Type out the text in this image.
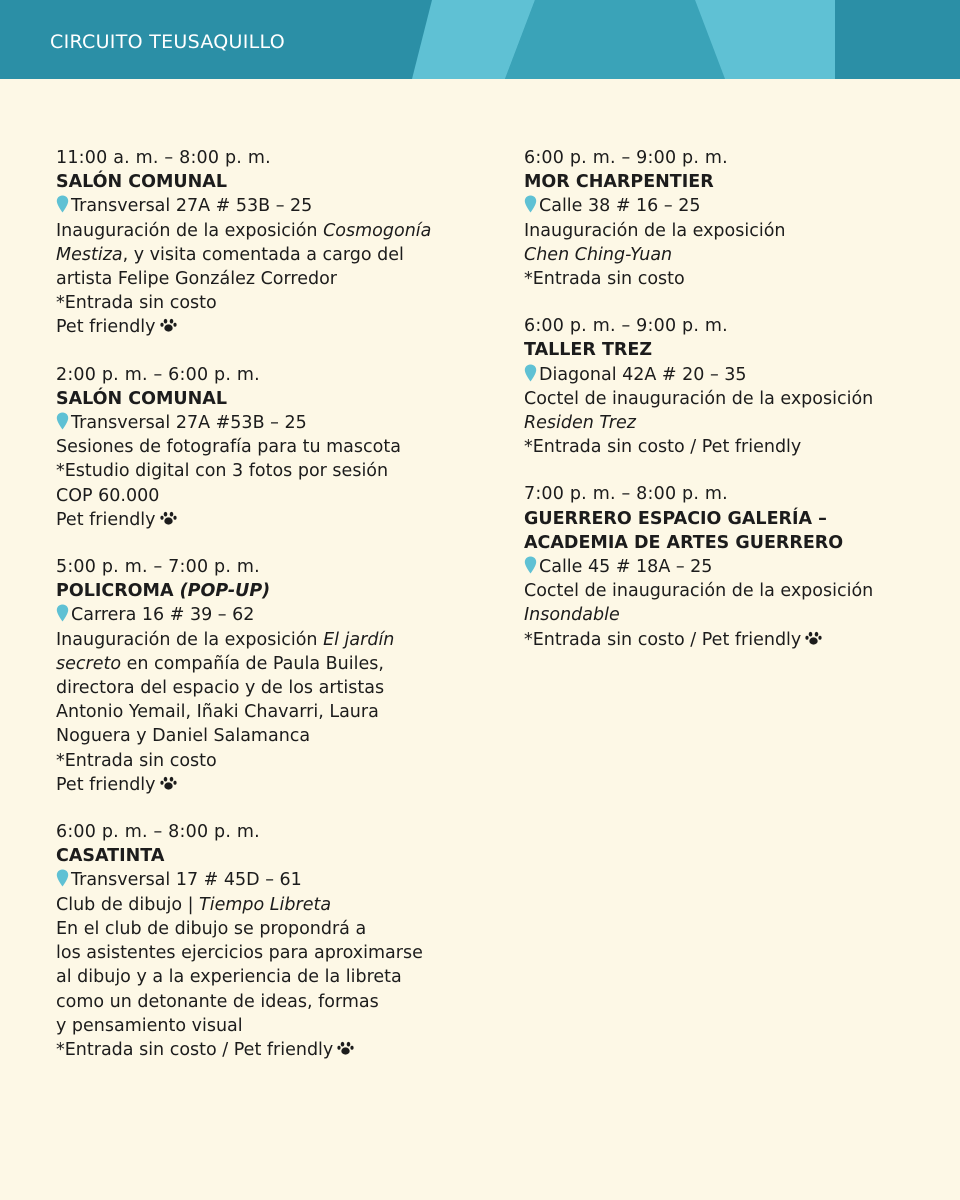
CIRCUITO TEUSAQUILLO
11:00 a. m. – 8:00 p. m.
SALÓN COMUNAL
Transversal 27A # 53B – 25
Inauguración de la exposición Cosmogonía
Mestiza, y visita comentada a cargo del
artista Felipe González Corredor
*Entrada sin costo
Pet friendly
2:00 p. m. – 6:00 p. m.
SALÓN COMUNAL
Transversal 27A #53B – 25
Sesiones de fotografía para tu mascota
*Estudio digital con 3 fotos por sesión
COP 60.000
Pet friendly
5:00 p. m. – 7:00 p. m.
POLICROMA (POP-UP)
Carrera 16 # 39 – 62
Inauguración de la exposición El jardín
secreto en compañía de Paula Builes,
directora del espacio y de los artistas
Antonio Yemail, Iñaki Chavarri, Laura
Noguera y Daniel Salamanca
*Entrada sin costo
Pet friendly
6:00 p. m. – 8:00 p. m.
CASATINTA
Transversal 17 # 45D – 61
Club de dibujo | Tiempo Libreta
En el club de dibujo se propondrá a
los asistentes ejercicios para aproximarse
al dibujo y a la experiencia de la libreta
como un detonante de ideas, formas
y pensamiento visual
*Entrada sin costo / Pet friendly
6:00 p. m. – 9:00 p. m.
MOR CHARPENTIER
Calle 38 # 16 – 25
Inauguración de la exposición
Chen Ching-Yuan
*Entrada sin costo
6:00 p. m. – 9:00 p. m.
TALLER TREZ
Diagonal 42A # 20 – 35
Coctel de inauguración de la exposición
Residen Trez
*Entrada sin costo / Pet friendly
7:00 p. m. – 8:00 p. m.
GUERRERO ESPACIO GALERÍA –
ACADEMIA DE ARTES GUERRERO
Calle 45 # 18A – 25
Coctel de inauguración de la exposición
Insondable
*Entrada sin costo / Pet friendly
